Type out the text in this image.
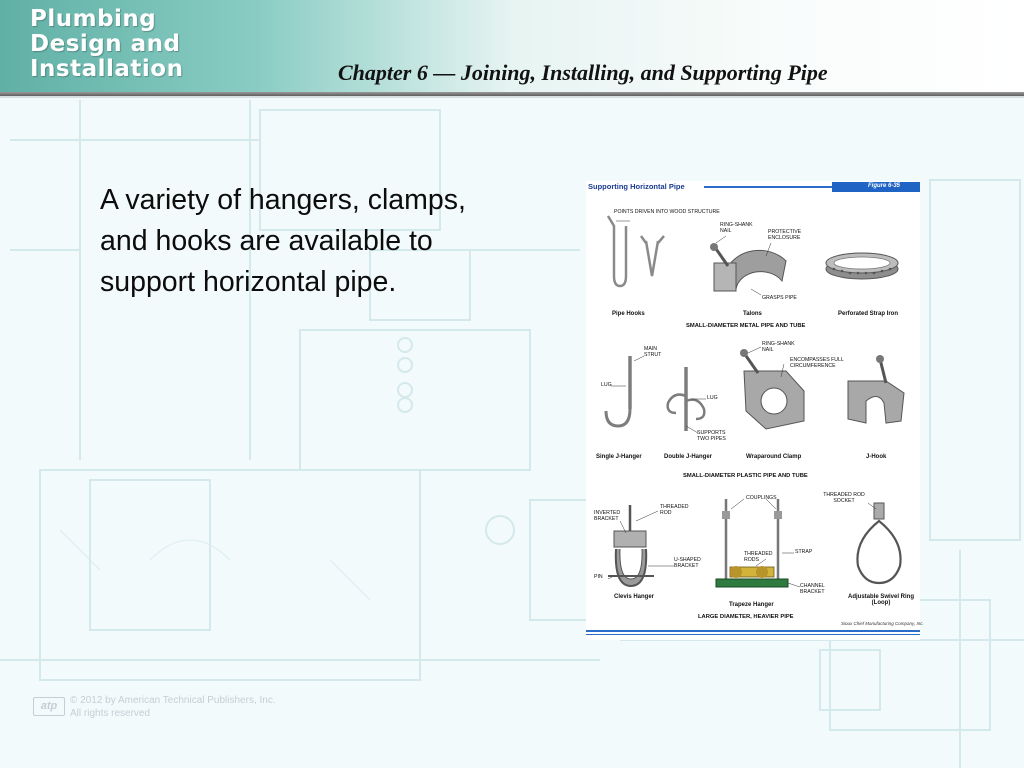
Plumbing
Design and
Installation	Chapter 6 — Joining, Installing, and Supporting Pipe
A variety of hangers, clamps, and hooks are available to support horizontal pipe.
Supporting Horizontal Pipe	Figure 6-35
POINTS DRIVEN INTO WOOD STRUCTURE
RING-SHANK NAIL	PROTECTIVE ENCLOSURE
GRASPS PIPE
Pipe Hooks	Talons	Perforated Strap Iron
SMALL-DIAMETER METAL PIPE AND TUBE
MAIN STRUT
LUG
LUG
SUPPORTS TWO PIPES
RING-SHANK NAIL
ENCOMPASSES FULL CIRCUMFERENCE
Single J-Hanger	Double J-Hanger	Wraparound Clamp	J-Hook
SMALL-DIAMETER PLASTIC PIPE AND TUBE
INVERTED BRACKET
THREADED ROD
U-SHAPED BRACKET
PIN
COUPLINGS
THREADED RODS
STRAP
CHANNEL BRACKET
THREADED ROD SOCKET
Clevis Hanger
Trapeze Hanger
Adjustable Swivel Ring (Loop)
LARGE DIAMETER, HEAVIER PIPE
Sioux Chief Manufacturing Company, Inc.
atp	© 2012 by American Technical Publishers, Inc.
All rights reserved
